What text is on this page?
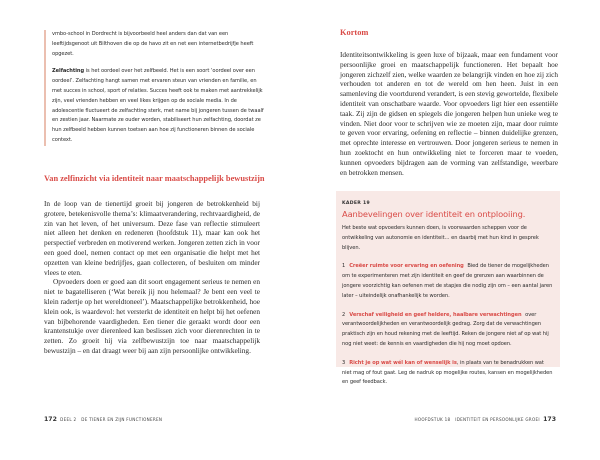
vmbo-school in Dordrecht is bijvoorbeeld heel anders dan dat van een leeftijdsgenoot uit Bilthoven die op de havo zit en net een internetbedrijfje heeft opgezet.

Zelfachting is het oordeel over het zelfbeeld. Het is een soort ‘oordeel over een oordeel’. Zelfachting hangt samen met ervaren steun van vrienden en familie, en met succes in school, sport of relaties. Succes heeft ook te maken met aantrekkelijk zijn, veel vrienden hebben en veel likes krijgen op de sociale media. In de adolescentie fluctueert de zelfachting sterk, met name bij jongeren tussen de twaalf en zestien jaar. Naarmate ze ouder worden, stabiliseert hun zelfachting, doordat ze hun zelfbeeld hebben kunnen toetsen aan hoe zij functioneren binnen de sociale context.

Van zelfinzicht via identiteit naar maatschappelijk bewustzijn

In de loop van de tienertijd groeit bij jongeren de betrokkenheid bij grotere, betekenisvolle thema’s: klimaatverandering, rechtvaardigheid, de zin van het leven, of het universum. Deze fase van reflectie stimuleert niet alleen het denken en redeneren (hoofdstuk 11), maar kan ook het perspectief verbreden en motiverend werken. Jongeren zetten zich in voor een goed doel, nemen contact op met een organisatie die helpt met het opzetten van kleine bedrijfjes, gaan collecteren, of besluiten om minder vlees te eten.

Opvoeders doen er goed aan dit soort engagement serieus te nemen en niet te bagatelliseren (‘Wat bereik jij nou helemaal? Je bent een veel te klein radertje op het wereldtoneel’). Maatschappelijke betrokkenheid, hoe klein ook, is waardevol: het versterkt de identiteit en helpt bij het oefenen van bijbehorende vaardigheden. Een tiener die geraakt wordt door een krantenstukje over dierenleed kan beslissen zich voor dierenrechten in te zetten. Zo groeit hij via zelfbewustzijn toe naar maatschappelijk bewustzijn – en dat draagt weer bij aan zijn persoonlijke ontwikkeling.

172 DEEL 2 DE TIENER EN ZIJN FUNCTIONEREN
Kortom

Identiteitsontwikkeling is geen luxe of bijzaak, maar een fundament voor persoonlijke groei en maatschappelijk functioneren. Het bepaalt hoe jongeren zichzelf zien, welke waarden ze belangrijk vinden en hoe zij zich verhouden tot anderen en tot de wereld om hen heen. Juist in een samenleving die voortdurend verandert, is een stevig gewortelde, flexibele identiteit van onschatbare waarde. Voor opvoeders ligt hier een essentiële taak. Zij zijn de gidsen en spiegels die jongeren helpen hun unieke weg te vinden. Niet door voor te schrijven wie ze moeten zijn, maar door ruimte te geven voor ervaring, oefening en reflectie – binnen duidelijke grenzen, met oprechte interesse en vertrouwen. Door jongeren serieus te nemen in hun zoektocht en hun ontwikkeling niet te forceren maar te voeden, kunnen opvoeders bijdragen aan de vorming van zelfstandige, weerbare en betrokken mensen.

KADER 19

Aanbevelingen over identiteit en ontplooiing.

Het beste wat opvoeders kunnen doen, is voorwaarden scheppen voor de ontwikkeling van autonomie en identiteit… en daarbij met hun kind in gesprek blijven.

1 Creëer ruimte voor ervaring en oefening Bied de tiener de mogelijkheden om te experimenteren met zijn identiteit en geef de grenzen aan waarbinnen de jongere voorzichtig kan oefenen met de stapjes die nodig zijn om – een aantal jaren later – uiteindelijk onafhankelijk te worden.

2 Verschaf veiligheid en geef heldere, haalbare verwachtingen over verantwoordelijkheden en verantwoordelijk gedrag. Zorg dat de verwachtingen praktisch zijn en houd rekening met de leeftijd. Reken de jongere niet af op wat hij nog niet weet: de kennis en vaardigheden die hij nog moet opdoen.

3 Richt je op wat wél kan of wenselijk is, in plaats van te benadrukken wat niet mag of fout gaat. Leg de nadruk op mogelijke routes, kansen en mogelijkheden en geef feedback.

HOOFDSTUK 18 IDENTITEIT EN PERSOONLIJKE GROEI 173
